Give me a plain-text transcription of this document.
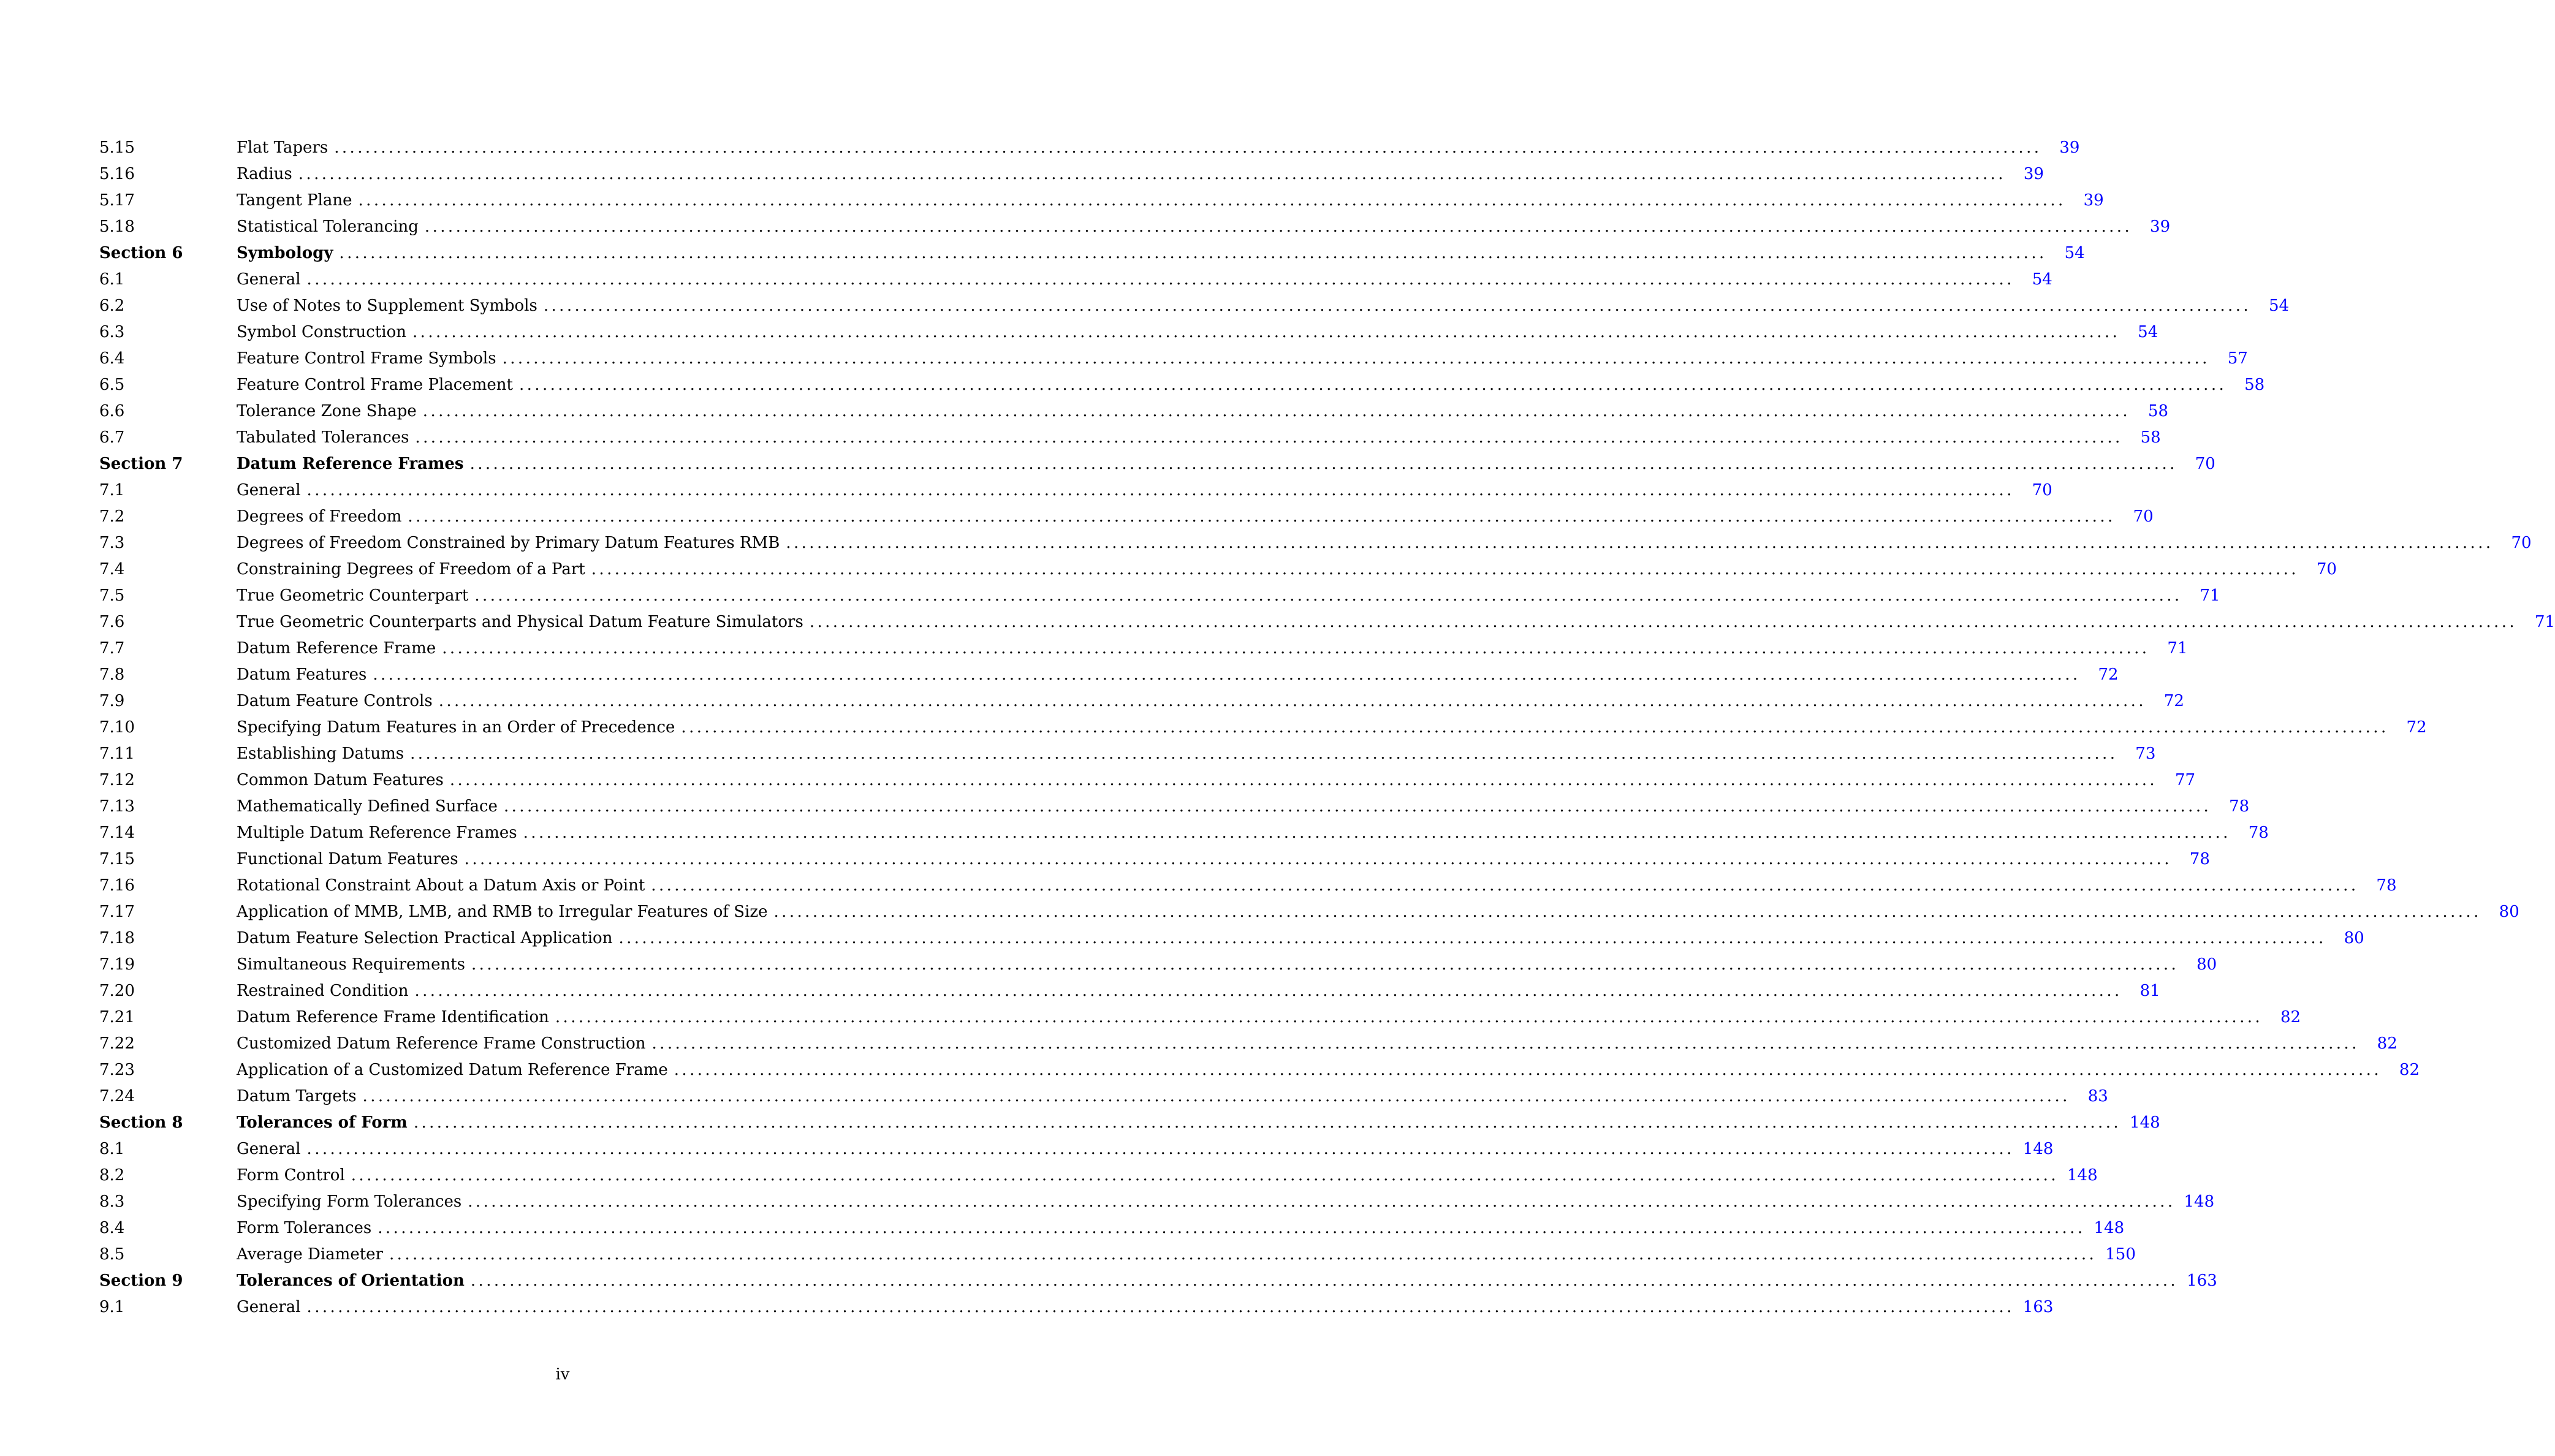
5.15	Flat Tapers ............................................................................................................................................................................................................................	39
5.16	Radius ............................................................................................................................................................................................................................	39
5.17	Tangent Plane ............................................................................................................................................................................................................................	39
5.18	Statistical Tolerancing ............................................................................................................................................................................................................................	39
Section 6	Symbology ............................................................................................................................................................................................................................	54
6.1	General ............................................................................................................................................................................................................................	54
6.2	Use of Notes to Supplement Symbols ............................................................................................................................................................................................................................	54
6.3	Symbol Construction ............................................................................................................................................................................................................................	54
6.4	Feature Control Frame Symbols ............................................................................................................................................................................................................................	57
6.5	Feature Control Frame Placement ............................................................................................................................................................................................................................	58
6.6	Tolerance Zone Shape ............................................................................................................................................................................................................................	58
6.7	Tabulated Tolerances ............................................................................................................................................................................................................................	58
Section 7	Datum Reference Frames ............................................................................................................................................................................................................................	70
7.1	General ............................................................................................................................................................................................................................	70
7.2	Degrees of Freedom ............................................................................................................................................................................................................................	70
7.3	Degrees of Freedom Constrained by Primary Datum Features RMB ............................................................................................................................................................................................................................	70
7.4	Constraining Degrees of Freedom of a Part ............................................................................................................................................................................................................................	70
7.5	True Geometric Counterpart ............................................................................................................................................................................................................................	71
7.6	True Geometric Counterparts and Physical Datum Feature Simulators ............................................................................................................................................................................................................................	71
7.7	Datum Reference Frame ............................................................................................................................................................................................................................	71
7.8	Datum Features ............................................................................................................................................................................................................................	72
7.9	Datum Feature Controls ............................................................................................................................................................................................................................	72
7.10	Specifying Datum Features in an Order of Precedence ............................................................................................................................................................................................................................	72
7.11	Establishing Datums ............................................................................................................................................................................................................................	73
7.12	Common Datum Features ............................................................................................................................................................................................................................	77
7.13	Mathematically Defined Surface ............................................................................................................................................................................................................................	78
7.14	Multiple Datum Reference Frames ............................................................................................................................................................................................................................	78
7.15	Functional Datum Features ............................................................................................................................................................................................................................	78
7.16	Rotational Constraint About a Datum Axis or Point ............................................................................................................................................................................................................................	78
7.17	Application of MMB, LMB, and RMB to Irregular Features of Size ............................................................................................................................................................................................................................	80
7.18	Datum Feature Selection Practical Application ............................................................................................................................................................................................................................	80
7.19	Simultaneous Requirements ............................................................................................................................................................................................................................	80
7.20	Restrained Condition ............................................................................................................................................................................................................................	81
7.21	Datum Reference Frame Identification ............................................................................................................................................................................................................................	82
7.22	Customized Datum Reference Frame Construction ............................................................................................................................................................................................................................	82
7.23	Application of a Customized Datum Reference Frame ............................................................................................................................................................................................................................	82
7.24	Datum Targets ............................................................................................................................................................................................................................	83
Section 8	Tolerances of Form ............................................................................................................................................................................................................................ 148
8.1	General ............................................................................................................................................................................................................................ 148
8.2	Form Control ............................................................................................................................................................................................................................ 148
8.3	Specifying Form Tolerances ............................................................................................................................................................................................................................ 148
8.4	Form Tolerances ............................................................................................................................................................................................................................ 148
8.5	Average Diameter ............................................................................................................................................................................................................................ 150
Section 9	Tolerances of Orientation ............................................................................................................................................................................................................................ 163
9.1	General ............................................................................................................................................................................................................................ 163
iv
